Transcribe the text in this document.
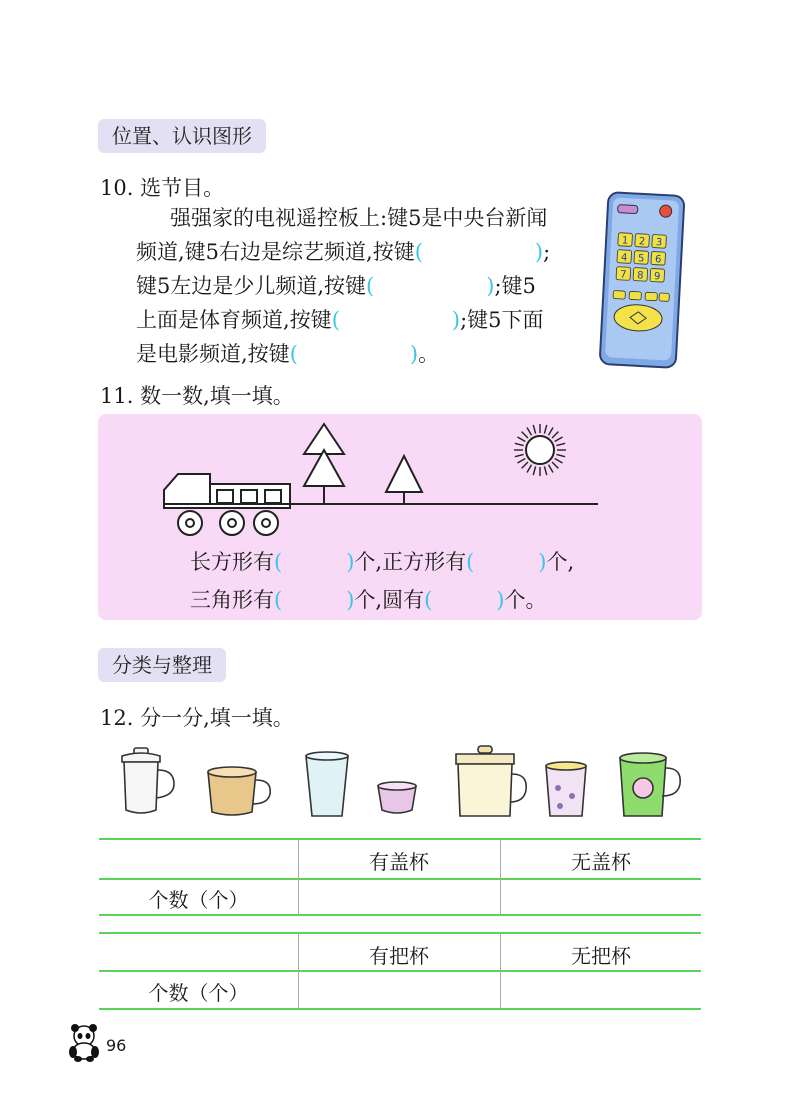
位置、认识图形
10. 选节目。
强强家的电视遥控板上:键5是中央台新闻
频道,键5右边是综艺频道,按键(	);
键5左边是少儿频道,按键(	);键5
上面是体育频道,按键(	);键5下面
是电影频道,按键(	)。
1 2 3
4 5 6
7 8 9
11. 数一数,填一填。
长方形有(	)个,正方形有(	)个,
三角形有(	)个,圆有(	)个。
分类与整理
12. 分一分,填一填。
有盖杯	无盖杯
个数（个）
有把杯	无把杯
个数（个）
96
